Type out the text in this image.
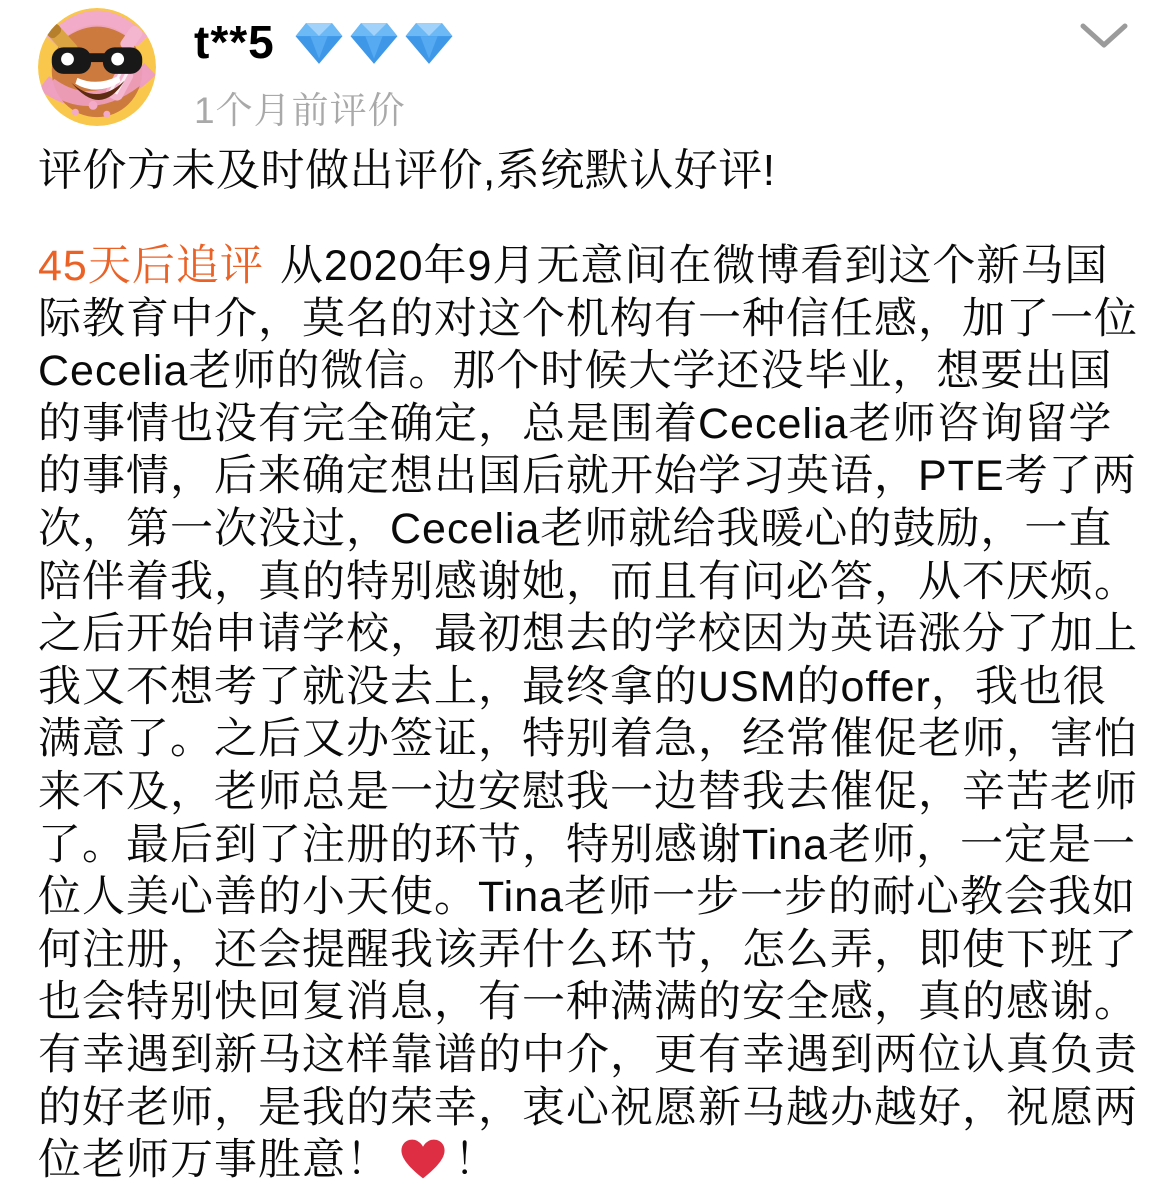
t**5
1个月前评价
评价方未及时做出评价,系统默认好评!
45天后追评 从2020年9月无意间在微博看到这个新马国
际教育中介，莫名的对这个机构有一种信任感，加了一位
Cecelia老师的微信。那个时候大学还没毕业，想要出国
的事情也没有完全确定，总是围着Cecelia老师咨询留学
的事情，后来确定想出国后就开始学习英语，PTE考了两
次，第一次没过，Cecelia老师就给我暖心的鼓励，一直
陪伴着我，真的特别感谢她，而且有问必答，从不厌烦。
之后开始申请学校，最初想去的学校因为英语涨分了加上
我又不想考了就没去上，最终拿的USM的offer，我也很
满意了。之后又办签证，特别着急，经常催促老师，害怕
来不及，老师总是一边安慰我一边替我去催促，辛苦老师
了。最后到了注册的环节，特别感谢Tina老师，一定是一
位人美心善的小天使。Tina老师一步一步的耐心教会我如
何注册，还会提醒我该弄什么环节，怎么弄，即使下班了
也会特别快回复消息，有一种满满的安全感，真的感谢。
有幸遇到新马这样靠谱的中介，更有幸遇到两位认真负责
的好老师，是我的荣幸，衷心祝愿新马越办越好，祝愿两
位老师万事胜意！ ！
